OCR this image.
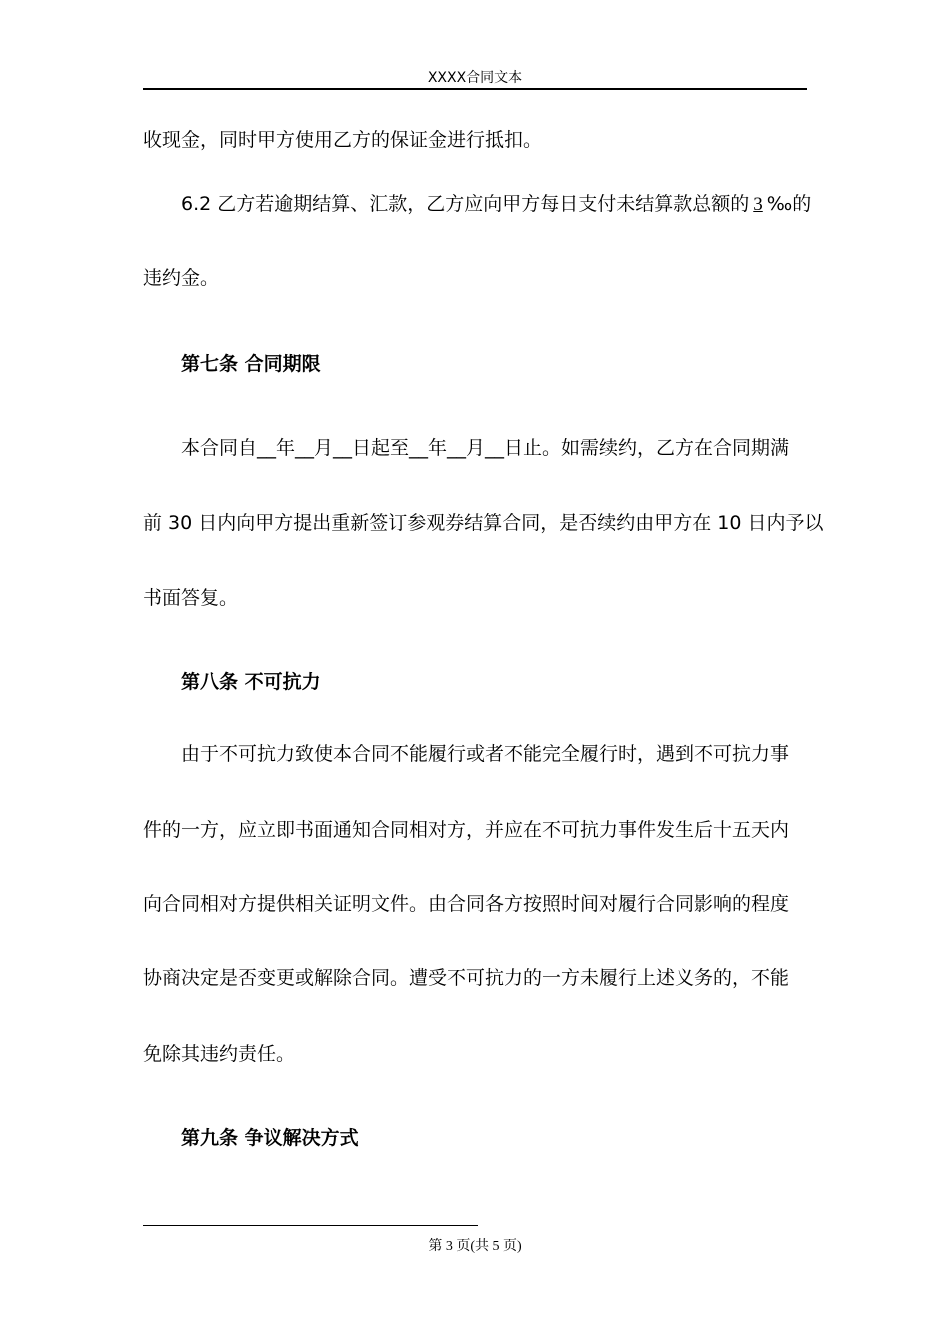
XXXX合同文本
收现金，同时甲方使用乙方的保证金进行抵扣。
6.2 乙方若逾期结算、汇款，乙方应向甲方每日支付未结算款总额的 3 ‰的
违约金。
第七条 合同期限
本合同自__年__月__日起至__年__月__日止。如需续约，乙方在合同期满
前 30 日内向甲方提出重新签订参观券结算合同，是否续约由甲方在 10 日内予以
书面答复。
第八条 不可抗力
由于不可抗力致使本合同不能履行或者不能完全履行时，遇到不可抗力事
件的一方，应立即书面通知合同相对方，并应在不可抗力事件发生后十五天内
向合同相对方提供相关证明文件。由合同各方按照时间对履行合同影响的程度
协商决定是否变更或解除合同。遭受不可抗力的一方未履行上述义务的，不能
免除其违约责任。
第九条 争议解决方式
第 3 页(共 5 页)
